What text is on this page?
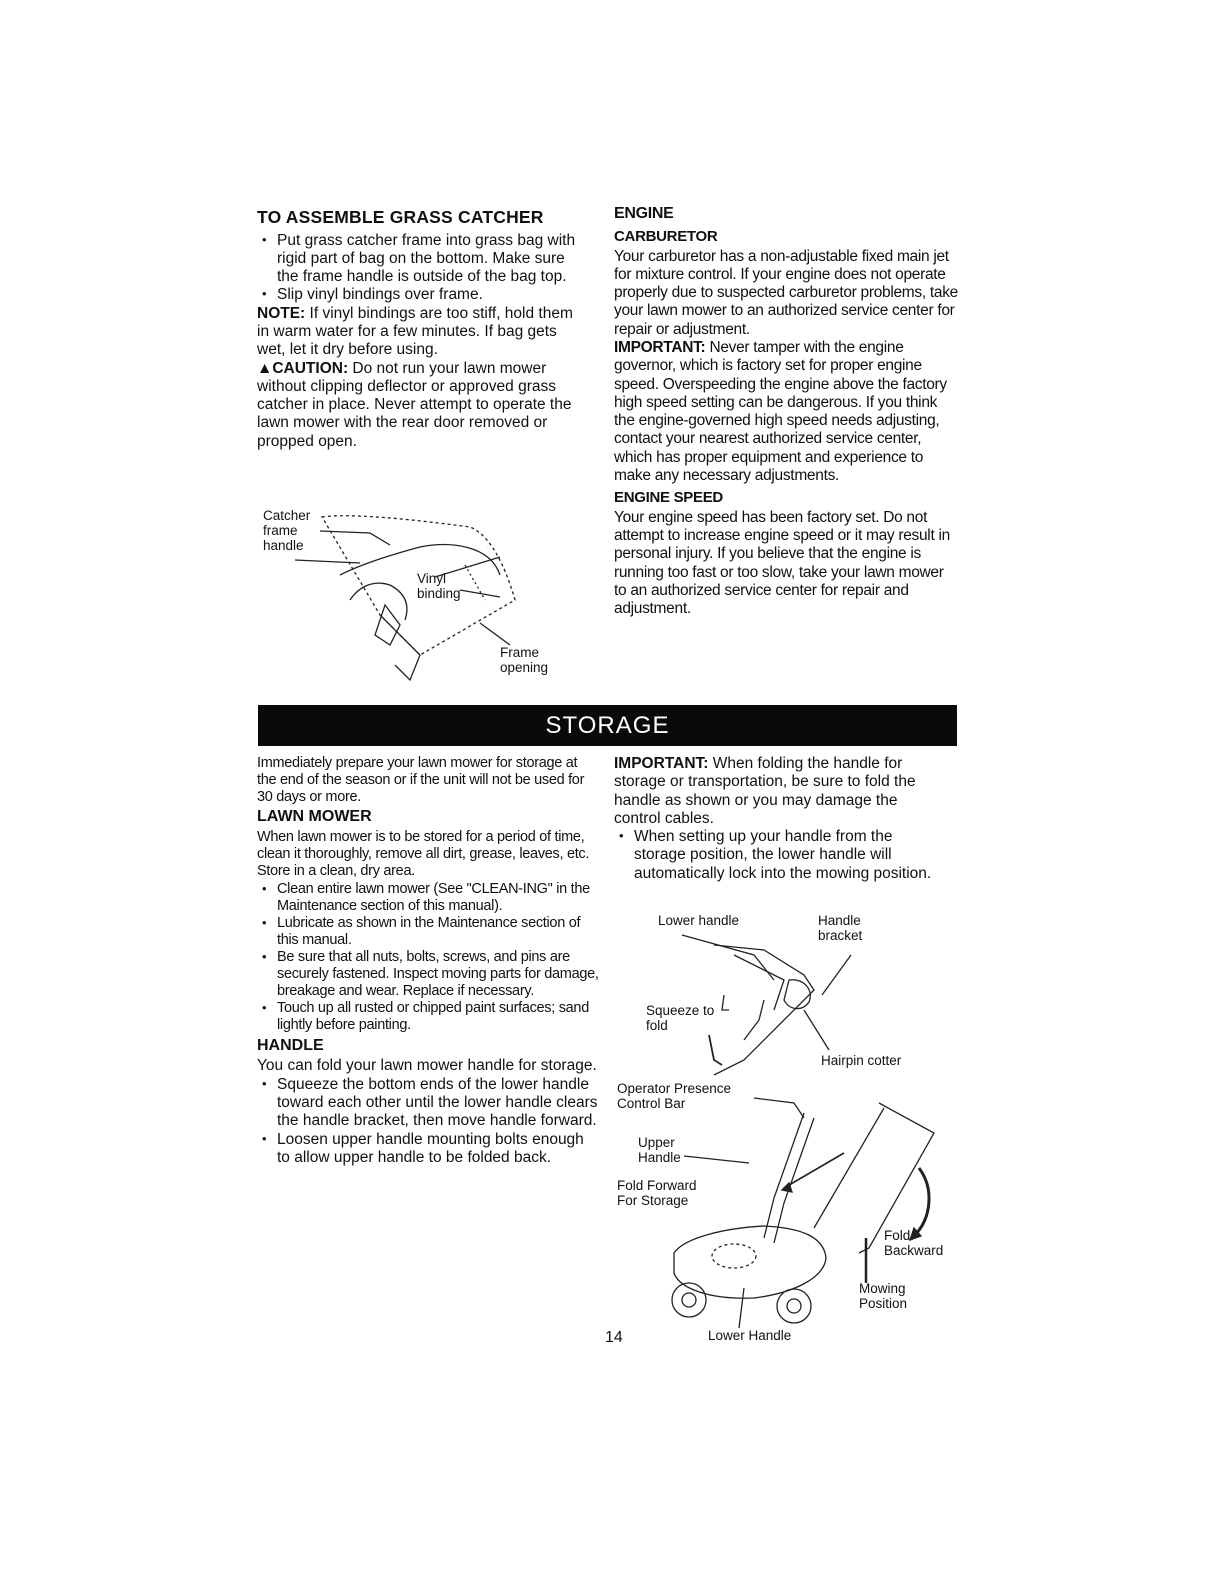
TO ASSEMBLE GRASS CATCHER
• Put grass catcher frame into grass bag with rigid part of bag on the bottom. Make sure the frame handle is outside of the bag top.
• Slip vinyl bindings over frame.

NOTE: If vinyl bindings are too stiff, hold them in warm water for a few minutes. If bag gets wet, let it dry before using.

▲CAUTION: Do not run your lawn mower without clipping deflector or approved grass catcher in place. Never attempt to operate the lawn mower with the rear door removed or propped open.

Catcher
frame
handle
Vinyl
binding
Frame
opening
ENGINE
CARBURETOR

Your carburetor has a non-adjustable fixed main jet for mixture control. If your engine does not operate properly due to suspected carburetor problems, take your lawn mower to an authorized service center for repair or adjustment.

IMPORTANT: Never tamper with the engine governor, which is factory set for proper engine speed. Overspeeding the engine above the factory high speed setting can be dangerous. If you think the engine-governed high speed needs adjusting, contact your nearest authorized service center, which has proper equipment and experience to make any necessary adjustments.

ENGINE SPEED

Your engine speed has been factory set. Do not attempt to increase engine speed or it may result in personal injury. If you believe that the engine is running too fast or too slow, take your lawn mower to an authorized service center for repair and adjustment.

STORAGE

Immediately prepare your lawn mower for storage at the end of the season or if the unit will not be used for 30 days or more.

LAWN MOWER

When lawn mower is to be stored for a period of time, clean it thoroughly, remove all dirt, grease, leaves, etc. Store in a clean, dry area.

• Clean entire lawn mower (See "CLEAN-ING" in the Maintenance section of this manual).
• Lubricate as shown in the Maintenance section of this manual.
• Be sure that all nuts, bolts, screws, and pins are securely fastened. Inspect moving parts for damage, breakage and wear. Replace if necessary.
• Touch up all rusted or chipped paint surfaces; sand lightly before painting.
HANDLE

You can fold your lawn mower handle for storage.

• Squeeze the bottom ends of the lower handle toward each other until the lower handle clears the handle bracket, then move handle forward.
• Loosen upper handle mounting bolts enough to allow upper handle to be folded back.

IMPORTANT: When folding the handle for storage or transportation, be sure to fold the handle as shown or you may damage the control cables.

• When setting up your handle from the storage position, the lower handle will automatically lock into the mowing position.
Lower handle	Handle
bracket
Squeeze to
fold
Hairpin cotter
Operator Presence
Control Bar
Upper
Handle
Fold Forward
For Storage
Fold
Backward
Mowing
Position
Lower Handle
14
